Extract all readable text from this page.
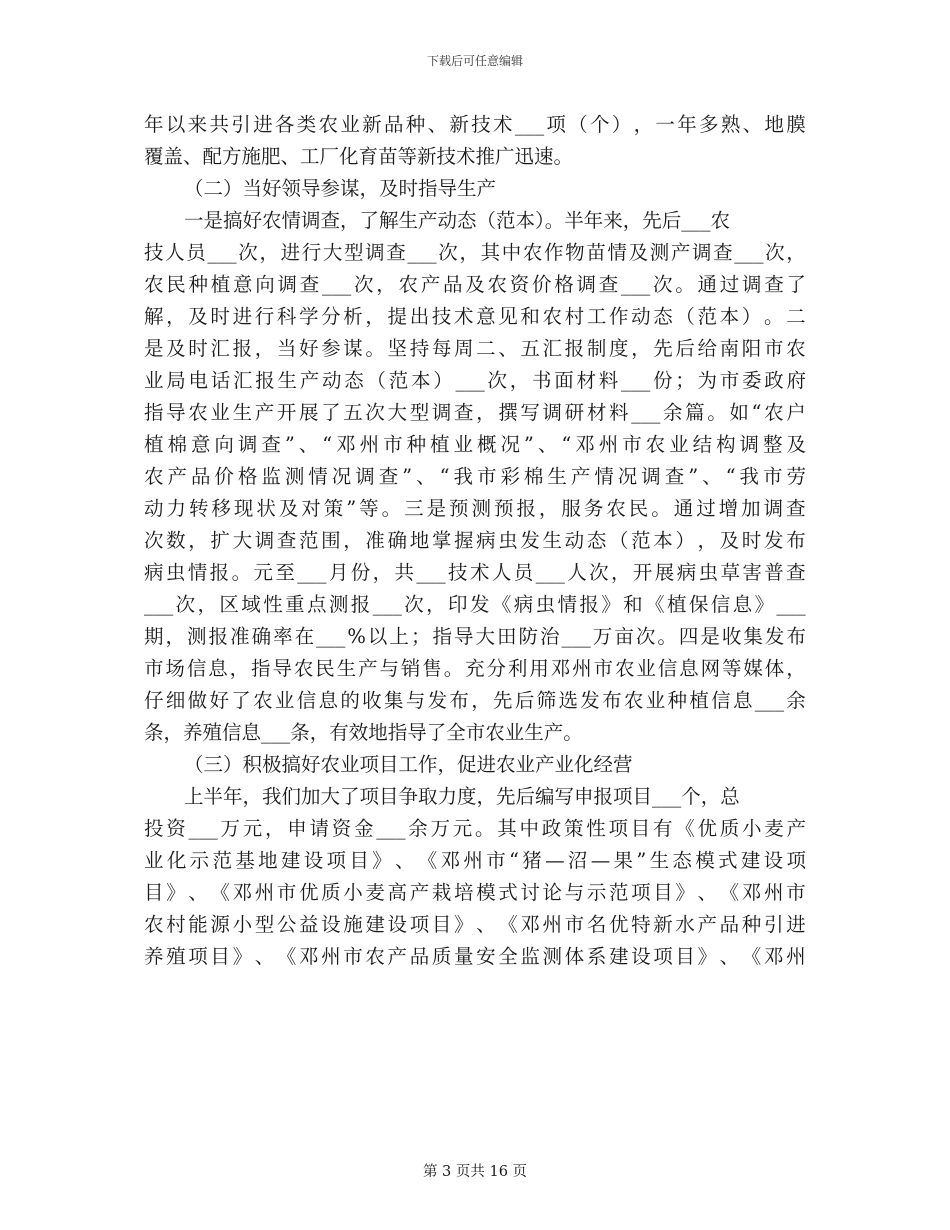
下载后可任意编辑
年 以 来 共 引 进 各 类 农 业 新 品 种 、 新 技 术 ___ 项 （ 个 ） ， 一 年 多 熟 、 地 膜
覆盖、配方施肥、工厂化育苗等新技术推广迅速。
（二）当好领导参谋，及时指导生产
一是搞好农情调查，了解生产动态（范本）。半年来，先后___农
技 人 员 ___ 次 ， 进 行 大 型 调 查 ___ 次 ， 其 中 农 作 物 苗 情 及 测 产 调 查 ___ 次 ，
农 民 种 植 意 向 调 查 ___ 次 ， 农 产 品 及 农 资 价 格 调 查 ___ 次 。 通 过 调 查 了
解 ， 及 时 进 行 科 学 分 析 ， 提 出 技 术 意 见 和 农 村 工 作 动 态 （ 范 本 ） 。 二
是 及 时 汇 报 ， 当 好 参 谋 。 坚 持 每 周 二 、 五 汇 报 制 度 ， 先 后 给 南 阳 市 农
业 局 电 话 汇 报 生 产 动 态 （ 范 本 ） ___ 次 ， 书 面 材 料 ___ 份 ； 为 市 委 政 府
指 导 农 业 生 产 开 展 了 五 次 大 型 调 查 ， 撰 写 调 研 材 料 ___ 余 篇 。 如 “ 农 户
植 棉 意 向 调 查 ” 、 “ 邓 州 市 种 植 业 概 况 ” 、 “ 邓 州 市 农 业 结 构 调 整 及
农 产 品 价 格 监 测 情 况 调 查 ” 、 “ 我 市 彩 棉 生 产 情 况 调 查 ” 、 “ 我 市 劳
动 力 转 移 现 状 及 对 策 ” 等 。 三 是 预 测 预 报 ， 服 务 农 民 。 通 过 增 加 调 查
次 数 ， 扩 大 调 查 范 围 ， 准 确 地 掌 握 病 虫 发 生 动 态 （ 范 本 ） ， 及 时 发 布
病 虫 情 报 。 元 至 ___ 月 份 ， 共 ___ 技 术 人 员 ___ 人 次 ， 开 展 病 虫 草 害 普 查
___ 次 ， 区 域 性 重 点 测 报 ___ 次 ， 印 发 《 病 虫 情 报 》 和 《 植 保 信 息 》 ___
期 ， 测 报 准 确 率 在 ___ % 以 上 ； 指 导 大 田 防 治 ___ 万 亩 次 。 四 是 收 集 发 布
市 场 信 息 ， 指 导 农 民 生 产 与 销 售 。 充 分 利 用 邓 州 市 农 业 信 息 网 等 媒 体 ，
仔 细 做 好 了 农 业 信 息 的 收 集 与 发 布 ， 先 后 筛 选 发 布 农 业 种 植 信 息 ___ 余
条，养殖信息___条，有效地指导了全市农业生产。
（三）积极搞好农业项目工作，促进农业产业化经营
上半年，我们加大了项目争取力度，先后编写申报项目___个，总
投 资 ___ 万 元 ， 申 请 资 金 ___ 余 万 元 。 其 中 政 策 性 项 目 有 《 优 质 小 麦 产
业 化 示 范 基 地 建 设 项 目 》 、 《 邓 州 市 “ 猪 — 沼 — 果 ” 生 态 模 式 建 设 项
目 》 、 《 邓 州 市 优 质 小 麦 高 产 栽 培 模 式 讨 论 与 示 范 项 目 》 、 《 邓 州 市
农 村 能 源 小 型 公 益 设 施 建 设 项 目 》 、 《 邓 州 市 名 优 特 新 水 产 品 种 引 进
养 殖 项 目 》 、 《 邓 州 市 农 产 品 质 量 安 全 监 测 体 系 建 设 项 目 》 、 《 邓 州
第 3 页共 16 页
